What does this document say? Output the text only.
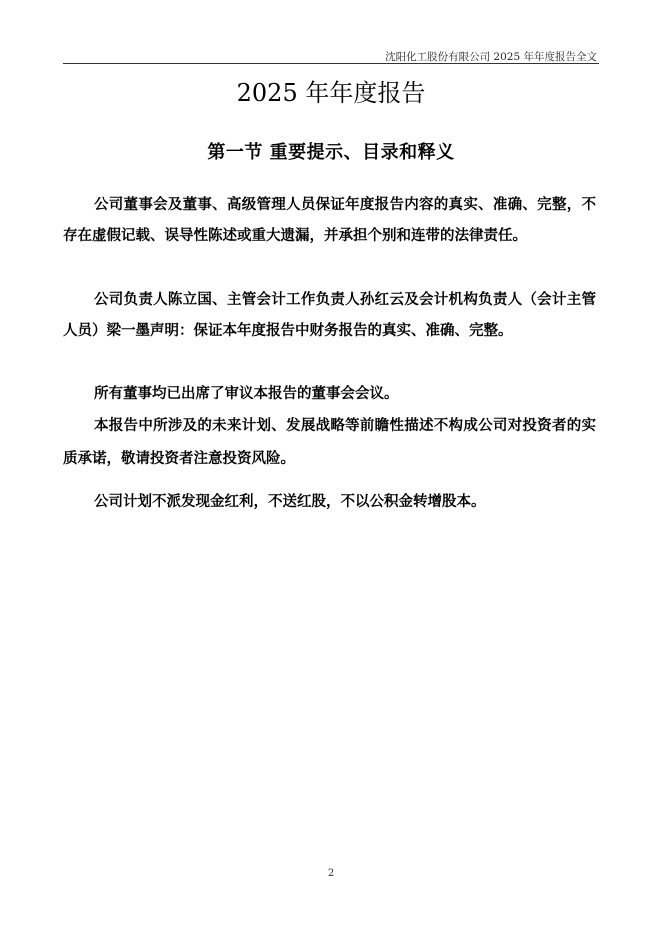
沈阳化工股份有限公司 2025 年年度报告全文
2025 年年度报告
第一节 重要提示、目录和释义
公司董事会及董事、高级管理人员保证年度报告内容的真实、准确、完整，不存在虚假记载、误导性陈述或重大遗漏，并承担个别和连带的法律责任。
公司负责人陈立国、主管会计工作负责人孙红云及会计机构负责人（会计主管人员）梁一墨声明：保证本年度报告中财务报告的真实、准确、完整。
所有董事均已出席了审议本报告的董事会会议。
本报告中所涉及的未来计划、发展战略等前瞻性描述不构成公司对投资者的实质承诺，敬请投资者注意投资风险。
公司计划不派发现金红利，不送红股，不以公积金转增股本。
2
